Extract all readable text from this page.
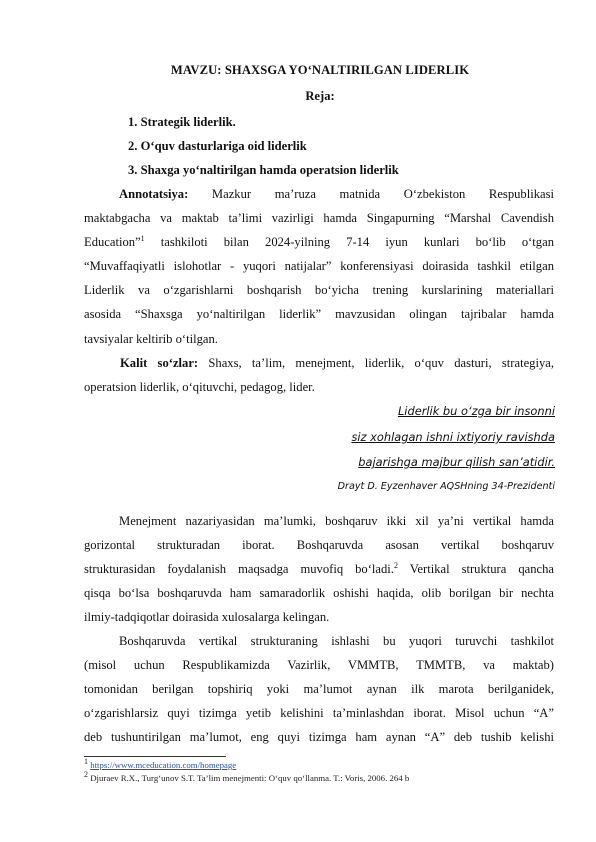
MAVZU: SHAXSGA YO‘NALTIRILGAN LIDERLIK
Reja:
1. Strategik liderlik.
2. O‘quv dasturlariga oid liderlik
3. Shaxga yo‘naltirilgan hamda operatsion liderlik
Annotatsiya: Mazkur ma’ruza matnida O‘zbekiston Respublikasi
maktabgacha va maktab ta’limi vazirligi hamda Singapurning “Marshal Cavendish
Education”$^1$ tashkiloti bilan 2024-yilning 7-14 iyun kunlari bo‘lib o‘tgan
“Muvaffaqiyatli islohotlar - yuqori natijalar” konferensiyasi doirasida tashkil etilgan
Liderlik va o‘zgarishlarni boshqarish bo‘yicha trening kurslarining materiallari
asosida “Shaxsga yo‘naltirilgan liderlik” mavzusidan olingan tajribalar hamda
tavsiyalar keltirib o‘tilgan.
Kalit so‘zlar: Shaxs, ta’lim, menejment, liderlik, o‘quv dasturi, strategiya,
operatsion liderlik, o‘qituvchi, pedagog, lider.
Liderlik bu o‘zga bir insonni
siz xohlagan ishni ixtiyoriy ravishda
bajarishga majbur qilish san’atidir.
Drayt D. Eyzenhaver AQSHning 34-Prezidenti
Menejment nazariyasidan ma’lumki, boshqaruv ikki xil ya’ni vertikal hamda
gorizontal strukturadan iborat. Boshqaruvda asosan vertikal boshqaruv
strukturasidan foydalanish maqsadga muvofiq bo‘ladi.$^2$ Vertikal struktura qancha
qisqa bo‘lsa boshqaruvda ham samaradorlik oshishi haqida, olib borilgan bir nechta
ilmiy-tadqiqotlar doirasida xulosalarga kelingan.
Boshqaruvda vertikal strukturaning ishlashi bu yuqori turuvchi tashkilot
(misol uchun Respublikamizda Vazirlik, VMMTB, TMMTB, va maktab)
tomonidan berilgan topshiriq yoki ma’lumot aynan ilk marota berilganidek,
o‘zgarishlarsiz quyi tizimga yetib kelishini ta’minlashdan iborat. Misol uchun “A”
deb tushuntirilgan ma’lumot, eng quyi tizimga ham aynan “A” deb tushib kelishi
$^1$ https://www.mceducation.com/homepage
$^2$ Djuraev R.X., Turg‘unov S.T. Ta’lim menejmenti: O‘quv qo‘llanma. T.: Voris, 2006. 264 b
